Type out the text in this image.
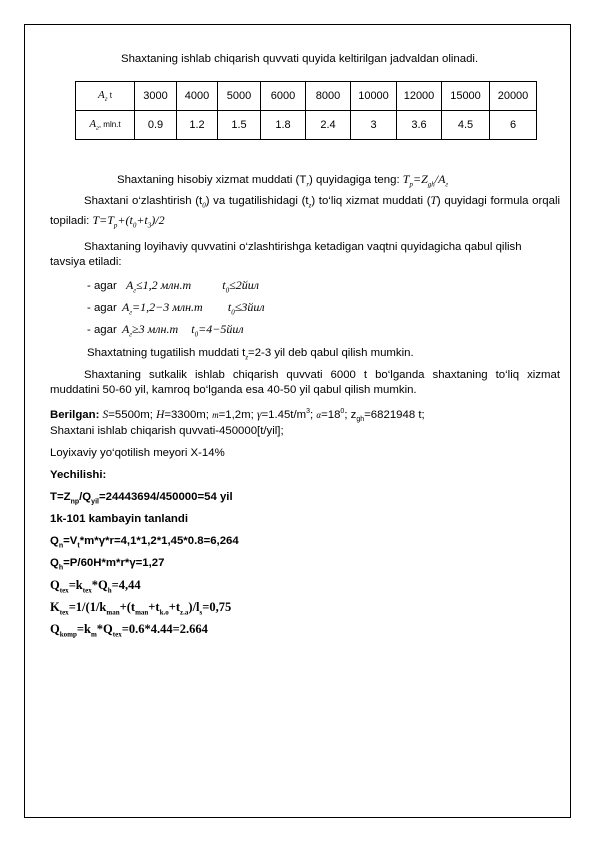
Shaxtaning ishlab chiqarish quvvati quyida keltirilgan jadvaldan olinadi.

$A_г$ t	3000	4000	5000	6000	8000	10000	12000	15000	20000
$A_г$, mln.t	0.9	1.2	1.5	1.8	2.4	3	3.6	4.5	6

Shaxtaning hisobiy xizmat muddati $(T_r)$ quyidagiga teng: $T_p=Z_{gh}/A_г$

Shaxtani o‘zlashtirish $(t_0)$ va tugatilishidagi $(t_z)$ to‘liq xizmat muddati (T) quyidagi formula orqali topiladi: $T=T_p+(t_0+t_3)/2$

Shaxtaning loyihaviy quvvatini o‘zlashtirishga ketadigan vaqtni quyidagicha qabul qilish tavsiya etiladi:

- agar $A_г\le 1,2$ млн.т	$t_0\le 2йил$

- agar $A_г=1,2-3$ млн.т $t_0\le 3йил$

- agar $A_г\ge 3$ млн.т $t_0=4-5йил$

Shaxtatning tugatilish muddati $t_z=2-3$ yil deb qabul qilish mumkin.

Shaxtaning sutkalik ishlab chiqarish quvvati 6000 t bo‘lganda shaxtaning to‘liq xizmat muddatini 50-60 yil, kamroq bo‘lganda esa 40-50 yil qabul qilish mumkin.

Berilgan: S=5500m; H=3300m; m=1,2m; $\gamma=1.45t/m^3$; $\alpha=18^0$; $z_{gh}=6821948$ t;

Shaxtani ishlab chiqarish quvvati-450000[t/yil];

Loyixaviy yo‘qotilish meyori X-14%

Yechilishi:

$T=Z_{np}/Q_{yil}=24443694/450000=54$ yil

1k-101 kambayin tanlandi

$Q_n=V_t*m*\gamma*r=4,1*1,2*1,45*0.8=6,264$

$Q_h=P/60H*m*r*\gamma=1,27$

$Q_{tex}=k_{tex}*Q_h=4,44$

$K_{tex}=1/(1/k_{man}+(t_{man}+t_{k.o}+t_{z.a})/l_s=0,75$

$Q_{komp}=k_m*Q_{tex}=0.6*4.44=2.664$
